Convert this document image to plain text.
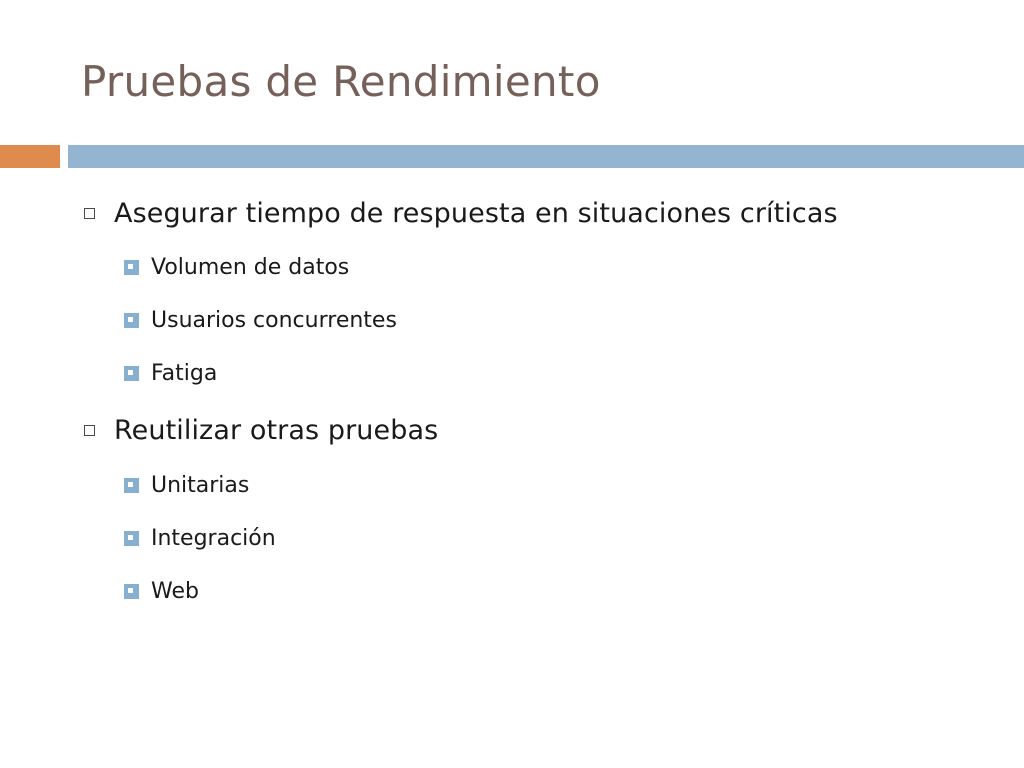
Pruebas de Rendimiento
Asegurar tiempo de respuesta en situaciones críticas
Volumen de datos
Usuarios concurrentes
Fatiga
Reutilizar otras pruebas
Unitarias
Integración
Web
